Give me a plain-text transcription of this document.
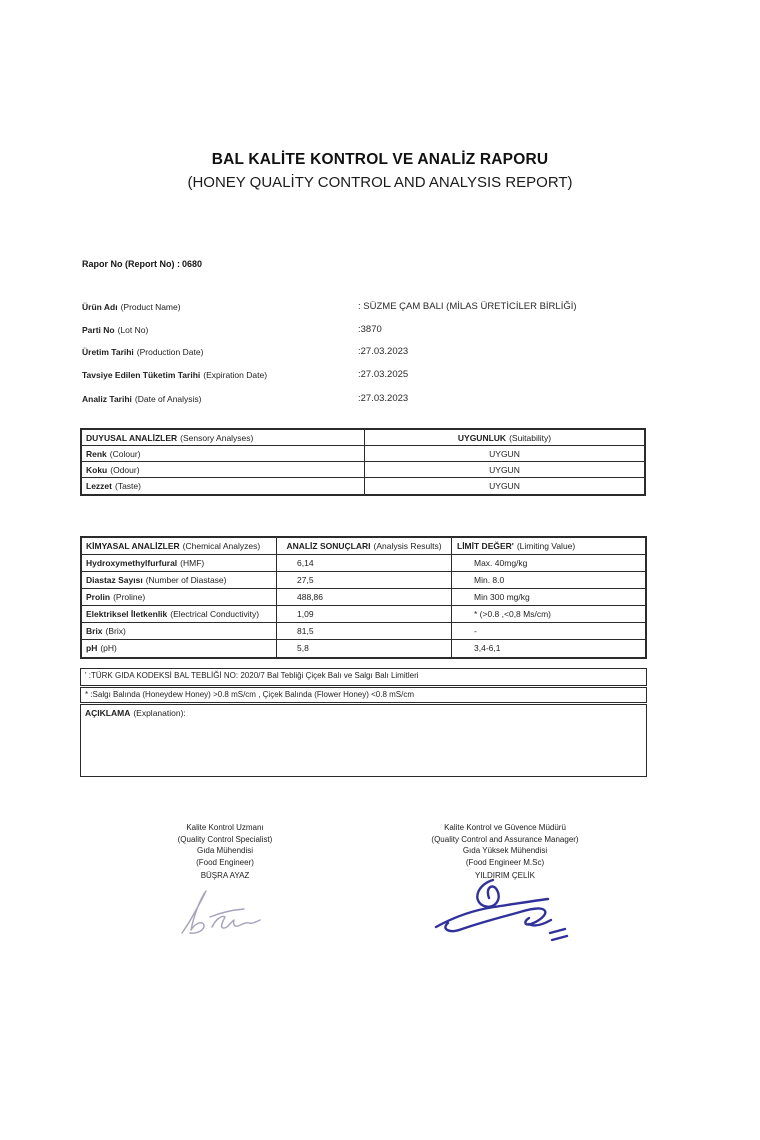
BAL KALİTE KONTROL VE ANALİZ RAPORU
(HONEY QUALİTY CONTROL AND ANALYSIS REPORT)
Rapor No (Report No) : 0680
Ürün Adı (Product Name)	: SÜZME ÇAM BALI (MİLAS ÜRETİCİLER BİRLİĞİ)
Parti No (Lot No)	:3870
Üretim Tarihi (Production Date)	:27.03.2023
Tavsiye Edilen Tüketim Tarihi (Expiration Date)	:27.03.2025
Analiz Tarihi (Date of Analysis)	:27.03.2023
DUYUSAL ANALİZLER (Sensory Analyses)	UYGUNLUK (Suitability)
Renk (Colour)	UYGUN
Koku (Odour)	UYGUN
Lezzet (Taste)	UYGUN
KİMYASAL ANALİZLER (Chemical Analyzes)	ANALİZ SONUÇLARI (Analysis Results)	LİMİT DEĞER' (Limiting Value)
Hydroxymethylfurfural (HMF)	6,14	Max. 40mg/kg
Diastaz Sayısı (Number of Diastase)	27,5	Min. 8.0
Prolin (Proline)	488,86	Min 300 mg/kg
Elektriksel İletkenlik (Electrical Conductivity)	1,09	* (>0.8 ,<0,8 Ms/cm)
Brix (Brix)	81,5	-
pH (pH)	5,8	3,4-6,1
' :TÜRK GIDA KODEKSİ BAL TEBLİĞİ NO: 2020/7 Bal Tebliği Çiçek Balı ve Salgı Balı Limitleri
* :Salgı Balında (Honeydew Honey) >0.8 mS/cm , Çiçek Balında (Flower Honey) <0.8 mS/cm
AÇIKLAMA (Explanation):
Kalite Kontrol Uzmanı
(Quality Control Specialist)
Gıda Mühendisi
(Food Engineer)
BÜŞRA AYAZ
Kalite Kontrol ve Güvence Müdürü
(Quality Control and Assurance Manager)
Gıda Yüksek Mühendisi
(Food Engineer M.Sc)
YILDIRIM ÇELİK
